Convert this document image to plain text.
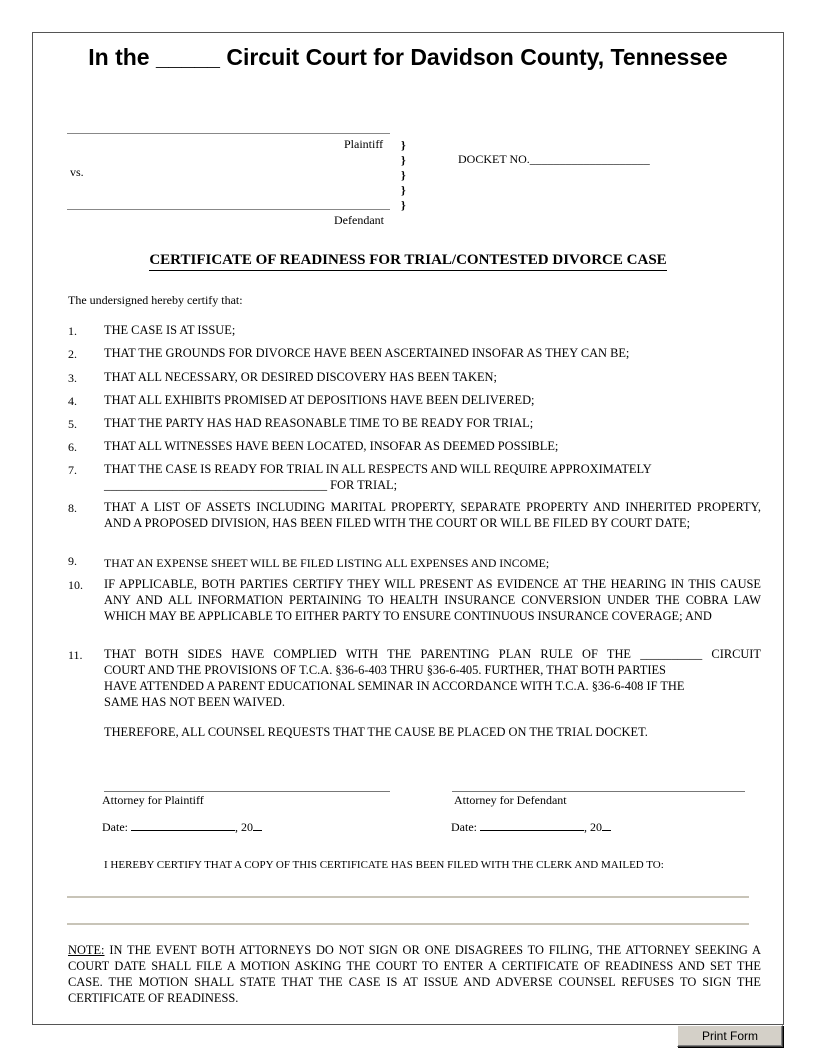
In the _____ Circuit Court for Davidson County, Tennessee
Plaintiff
vs.
Defendant
}
}
}
}
}
DOCKET NO.____________________
CERTIFICATE OF READINESS FOR TRIAL/CONTESTED DIVORCE CASE
The undersigned hereby certify that:
1. THE CASE IS AT ISSUE;
2. THAT THE GROUNDS FOR DIVORCE HAVE BEEN ASCERTAINED INSOFAR AS THEY CAN BE;
3. THAT ALL NECESSARY, OR DESIRED DISCOVERY HAS BEEN TAKEN;
4. THAT ALL EXHIBITS PROMISED AT DEPOSITIONS HAVE BEEN DELIVERED;
5. THAT THE PARTY HAS HAD REASONABLE TIME TO BE READY FOR TRIAL;
6. THAT ALL WITNESSES HAVE BEEN LOCATED, INSOFAR AS DEEMED POSSIBLE;
7. THAT THE CASE IS READY FOR TRIAL IN ALL RESPECTS AND WILL REQUIRE APPROXIMATELY
____________________________________ FOR TRIAL;
8. THAT A LIST OF ASSETS INCLUDING MARITAL PROPERTY, SEPARATE PROPERTY AND INHERITED PROPERTY, AND A PROPOSED DIVISION, HAS BEEN FILED WITH THE COURT OR WILL BE FILED BY COURT DATE;
9. THAT AN EXPENSE SHEET WILL BE FILED LISTING ALL EXPENSES AND INCOME;
10. IF APPLICABLE, BOTH PARTIES CERTIFY THEY WILL PRESENT AS EVIDENCE AT THE HEARING IN THIS CAUSE ANY AND ALL INFORMATION PERTAINING TO HEALTH INSURANCE CONVERSION UNDER THE COBRA LAW WHICH MAY BE APPLICABLE TO EITHER PARTY TO ENSURE CONTINUOUS INSURANCE COVERAGE; AND
11. THAT BOTH SIDES HAVE COMPLIED WITH THE PARENTING PLAN RULE OF THE __________ CIRCUIT
COURT AND THE PROVISIONS OF T.C.A. §36-6-403 THRU §36-6-405. FURTHER, THAT BOTH PARTIES
HAVE ATTENDED A PARENT EDUCATIONAL SEMINAR IN ACCORDANCE WITH T.C.A. §36-6-408 IF THE
SAME HAS NOT BEEN WAIVED.
THEREFORE, ALL COUNSEL REQUESTS THAT THE CAUSE BE PLACED ON THE TRIAL DOCKET.
Attorney for Plaintiff	Attorney for Defendant
Date:	, 20	Date:	, 20
I HEREBY CERTIFY THAT A COPY OF THIS CERTIFICATE HAS BEEN FILED WITH THE CLERK AND MAILED TO:
NOTE: IN THE EVENT BOTH ATTORNEYS DO NOT SIGN OR ONE DISAGREES TO FILING, THE ATTORNEY SEEKING A COURT DATE SHALL FILE A MOTION ASKING THE COURT TO ENTER A CERTIFICATE OF READINESS AND SET THE CASE. THE MOTION SHALL STATE THAT THE CASE IS AT ISSUE AND ADVERSE COUNSEL REFUSES TO SIGN THE CERTIFICATE OF READINESS.
Print Form
